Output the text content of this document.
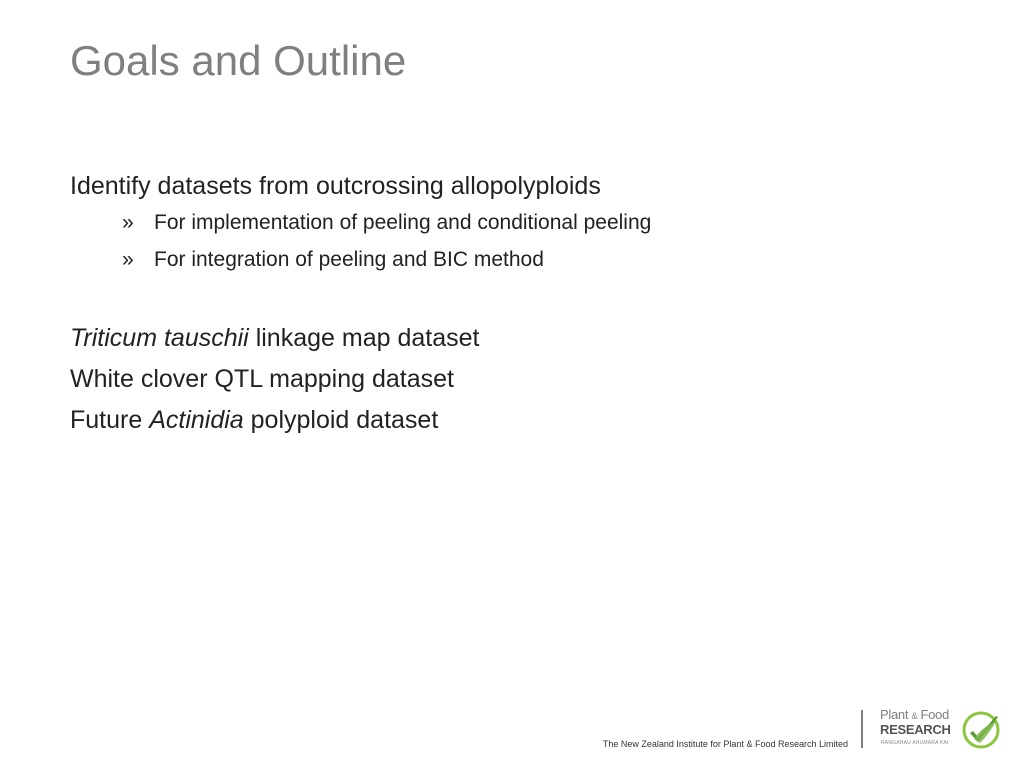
Goals and Outline
Identify datasets from outcrossing allopolyploids
» For implementation of peeling and conditional peeling
» For integration of peeling and BIC method
Triticum tauschii linkage map dataset
White clover QTL mapping dataset
Future Actinidia polyploid dataset
The New Zealand Institute for Plant & Food Research Limited
Plant & Food
RESEARCH
RANGAHAU AHUMĀRA KAI
